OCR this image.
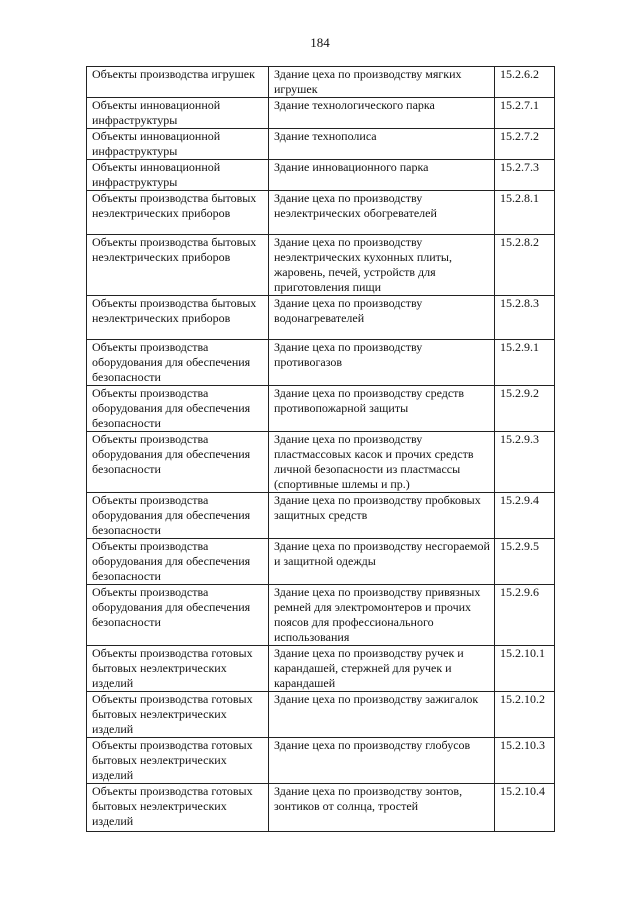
184
Объекты производства игрушек	Здание цеха по производству мягких игрушек	15.2.6.2
Объекты инновационной инфраструктуры	Здание технологического парка	15.2.7.1
Объекты инновационной инфраструктуры	Здание технополиса	15.2.7.2
Объекты инновационной инфраструктуры	Здание инновационного парка	15.2.7.3
Объекты производства бытовых неэлектрических приборов	Здание цеха по производству неэлектрических обогревателей	15.2.8.1
Объекты производства бытовых неэлектрических приборов	Здание цеха по производству неэлектрических кухонных плиты, жаровень, печей, устройств для приготовления пищи	15.2.8.2
Объекты производства бытовых неэлектрических приборов	Здание цеха по производству водонагревателей	15.2.8.3
Объекты производства оборудования для обеспечения безопасности	Здание цеха по производству противогазов	15.2.9.1
Объекты производства оборудования для обеспечения безопасности	Здание цеха по производству средств противопожарной защиты	15.2.9.2
Объекты производства оборудования для обеспечения безопасности	Здание цеха по производству пластмассовых касок и прочих средств личной безопасности из пластмассы (спортивные шлемы и пр.)	15.2.9.3
Объекты производства оборудования для обеспечения безопасности	Здание цеха по производству пробковых защитных средств	15.2.9.4
Объекты производства оборудования для обеспечения безопасности	Здание цеха по производству несгораемой и защитной одежды	15.2.9.5
Объекты производства оборудования для обеспечения безопасности	Здание цеха по производству привязных ремней для электромонтеров и прочих поясов для профессионального использования	15.2.9.6
Объекты производства готовых бытовых неэлектрических изделий	Здание цеха по производству ручек и карандашей, стержней для ручек и карандашей	15.2.10.1
Объекты производства готовых бытовых неэлектрических изделий	Здание цеха по производству зажигалок	15.2.10.2
Объекты производства готовых бытовых неэлектрических изделий	Здание цеха по производству глобусов	15.2.10.3
Объекты производства готовых бытовых неэлектрических изделий	Здание цеха по производству зонтов, зонтиков от солнца, тростей	15.2.10.4
